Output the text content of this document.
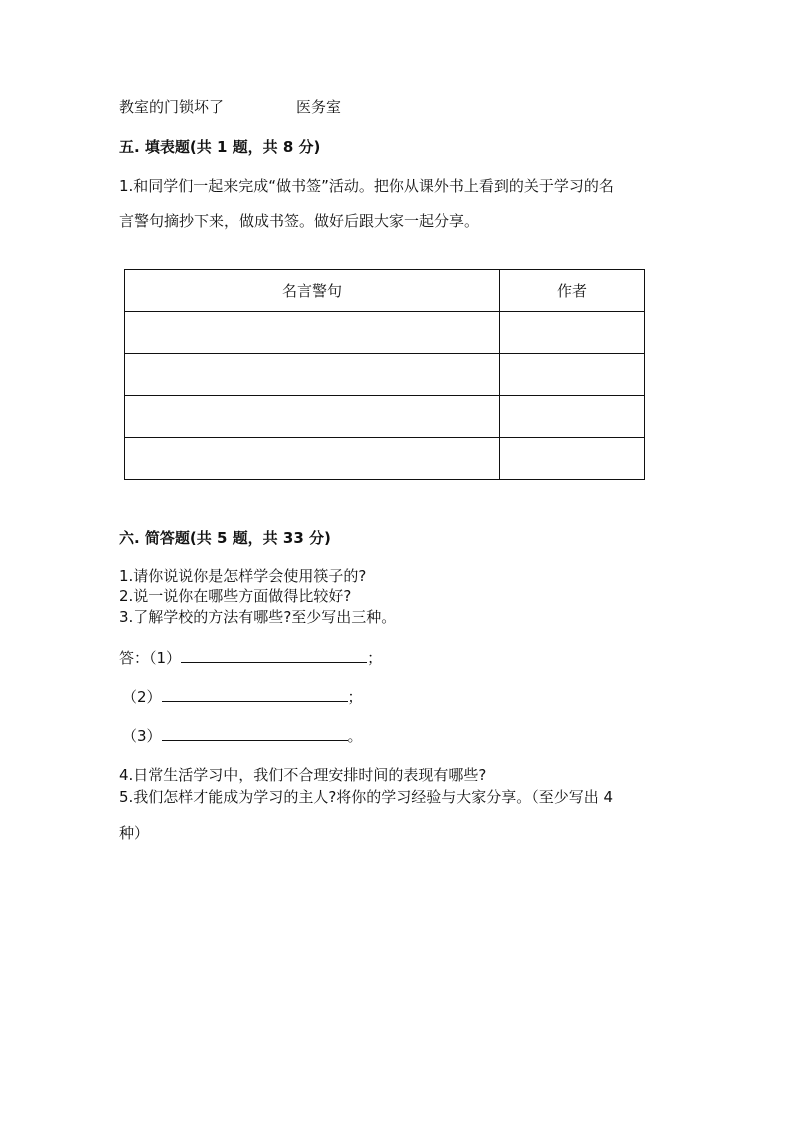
教室的门锁坏了	医务室
五. 填表题(共 1 题，共 8 分)
1.和同学们一起来完成“做书签”活动。把你从课外书上看到的关于学习的名
言警句摘抄下来，做成书签。做好后跟大家一起分享。
名言警句	作者

六. 简答题(共 5 题，共 33 分)
1.请你说说你是怎样学会使用筷子的?
2.说一说你在哪些方面做得比较好?
3.了解学校的方法有哪些?至少写出三种。
答：（1）	；
（2）	；
（3）	。
4.日常生活学习中，我们不合理安排时间的表现有哪些?
5.我们怎样才能成为学习的主人?将你的学习经验与大家分享。（至少写出 4
种）
